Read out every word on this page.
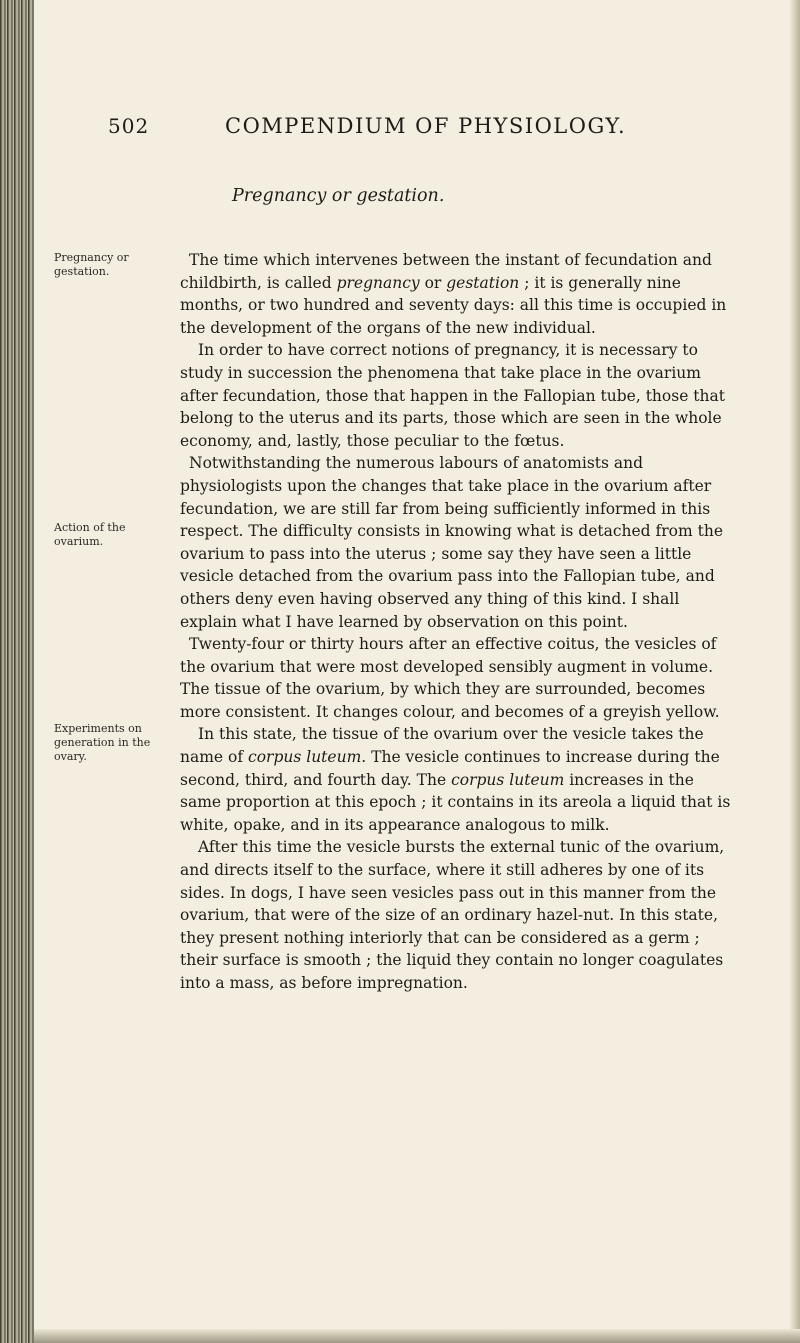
502	COMPENDIUM OF PHYSIOLOGY.
Pregnancy or gestation.
Pregnancy or gestation.
Action of the ovarium.
Experiments on generation in the ovary.

The time which intervenes between the instant of fecundation and childbirth, is called pregnancy or gestation ; it is generally nine months, or two hundred and seventy days: all this time is occupied in the development of the organs of the new individual.

In order to have correct notions of pregnancy, it is necessary to study in succession the phenomena that take place in the ovarium after fecundation, those that happen in the Fallopian tube, those that belong to the uterus and its parts, those which are seen in the whole economy, and, lastly, those peculiar to the fœtus.

Notwithstanding the numerous labours of anatomists and physiologists upon the changes that take place in the ovarium after fecundation, we are still far from being sufficiently informed in this respect. The difficulty consists in knowing what is detached from the ovarium to pass into the uterus ; some say they have seen a little vesicle detached from the ovarium pass into the Fallopian tube, and others deny even having observed any thing of this kind. I shall explain what I have learned by observation on this point.

Twenty-four or thirty hours after an effective coitus, the vesicles of the ovarium that were most developed sensibly augment in volume. The tissue of the ovarium, by which they are surrounded, becomes more consistent. It changes colour, and becomes of a greyish yellow.

In this state, the tissue of the ovarium over the vesicle takes the name of corpus luteum. The vesicle continues to increase during the second, third, and fourth day. The corpus luteum increases in the same proportion at this epoch ; it contains in its areola a liquid that is white, opake, and in its appearance analogous to milk.

After this time the vesicle bursts the external tunic of the ovarium, and directs itself to the surface, where it still adheres by one of its sides. In dogs, I have seen vesicles pass out in this manner from the ovarium, that were of the size of an ordinary hazel-nut. In this state, they present nothing interiorly that can be considered as a germ ; their surface is smooth ; the liquid they contain no longer coagulates into a mass, as before impregnation.
